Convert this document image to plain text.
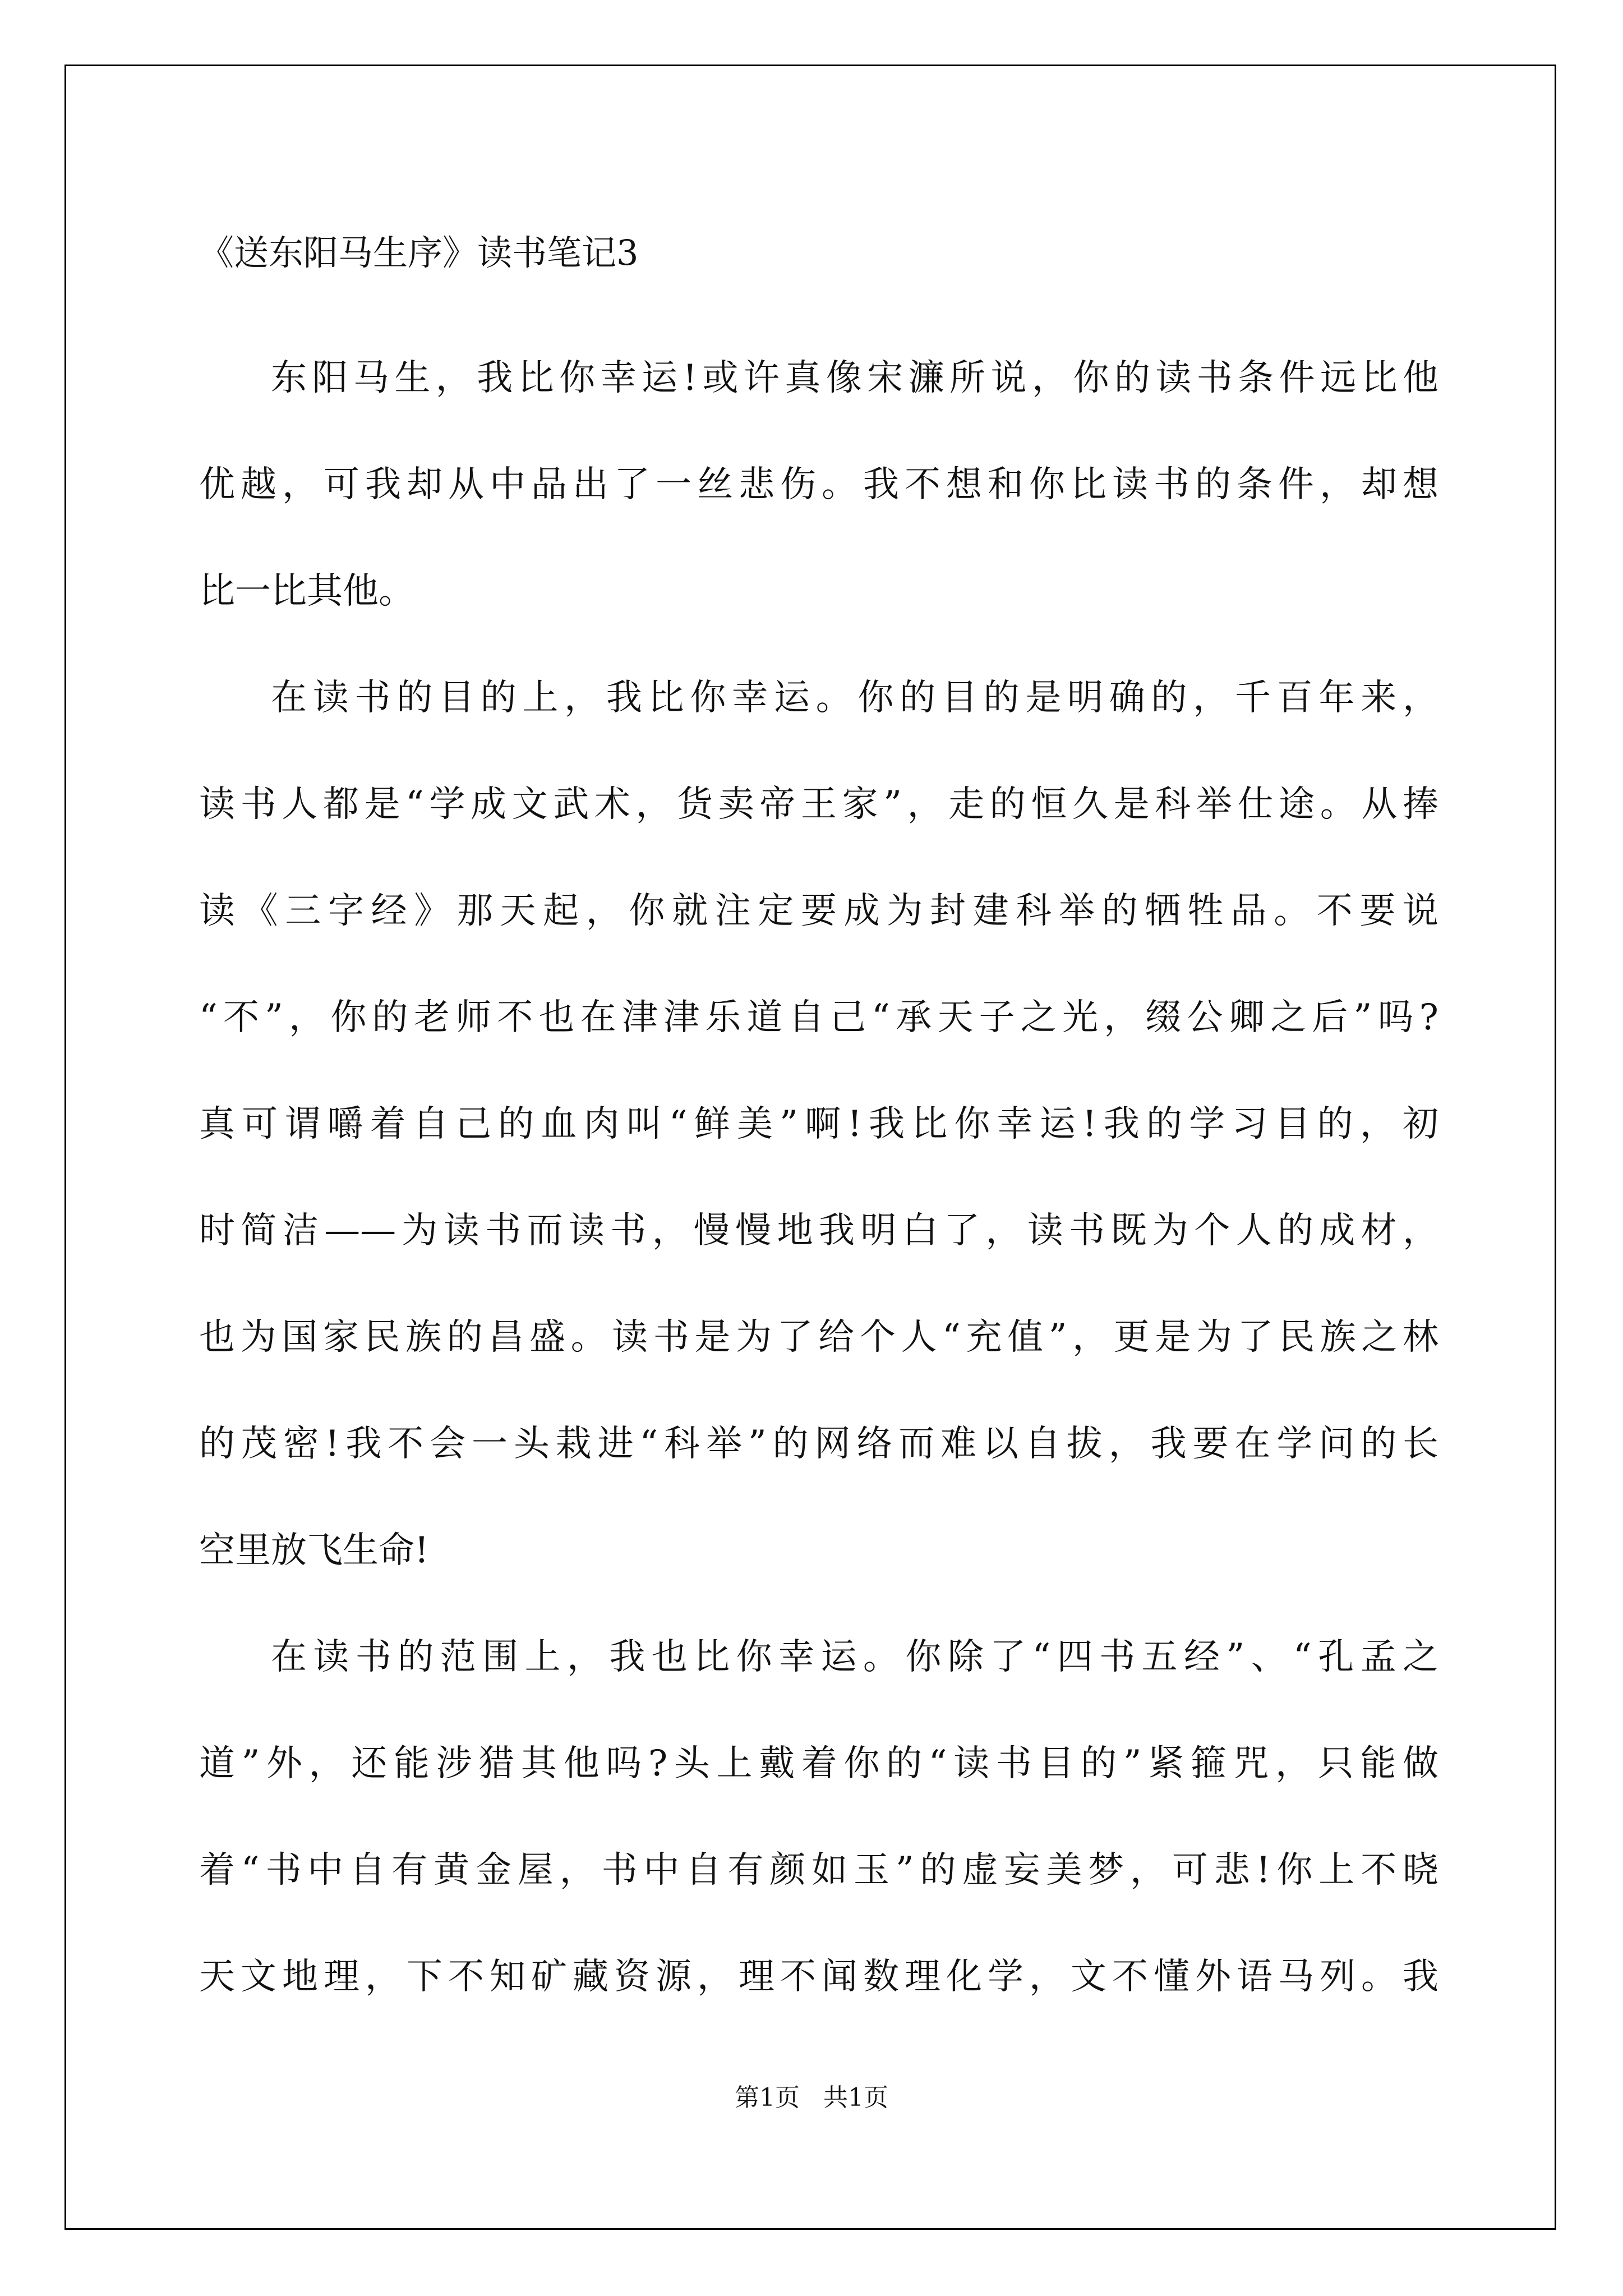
《送东阳马生序》读书笔记3
东阳马生，我比你幸运!或许真像宋濂所说，你的读书条件远比他
优越，可我却从中品出了一丝悲伤。我不想和你比读书的条件，却想
比一比其他。
在读书的目的上，我比你幸运。你的目的是明确的，千百年来，
读书人都是“学成文武术，货卖帝王家”，走的恒久是科举仕途。从捧
读《三字经》那天起，你就注定要成为封建科举的牺牲品。不要说
“不”，你的老师不也在津津乐道自己“承天子之光，缀公卿之后”吗?
真可谓嚼着自己的血肉叫“鲜美”啊!我比你幸运!我的学习目的，初
时简洁——为读书而读书，慢慢地我明白了，读书既为个人的成材，
也为国家民族的昌盛。读书是为了给个人“充值”，更是为了民族之林
的茂密!我不会一头栽进“科举”的网络而难以自拔，我要在学问的长
空里放飞生命!
在读书的范围上，我也比你幸运。你除了“四书五经”、“孔孟之
道”外，还能涉猎其他吗?头上戴着你的“读书目的”紧箍咒，只能做
着“书中自有黄金屋，书中自有颜如玉”的虚妄美梦，可悲!你上不晓
天文地理，下不知矿藏资源，理不闻数理化学，文不懂外语马列。我
第1页   共1页
